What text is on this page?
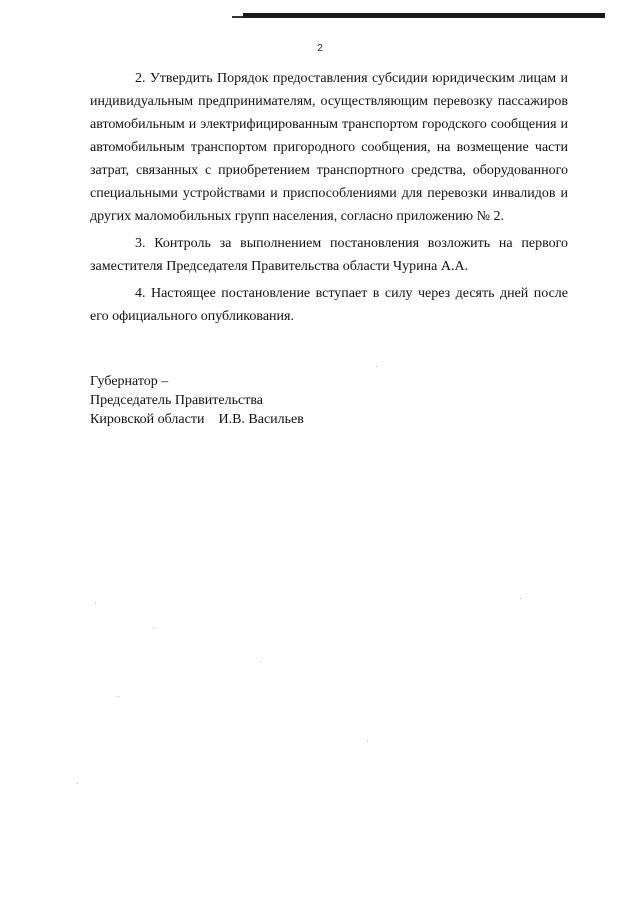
2

2. Утвердить Порядок предоставления субсидии юридическим лицам и индивидуальным предпринимателям, осуществляющим перевозку пассажиров автомобильным и электрифицированным транспортом городского сообщения и автомобильным транспортом пригородного сообщения, на возмещение части затрат, связанных с приобретением транспортного средства, оборудованного специальными устройствами и приспособлениями для перевозки инвалидов и других маломобильных групп населения, согласно приложению № 2.

3. Контроль за выполнением постановления возложить на первого заместителя Председателя Правительства области Чурина А.А.

4. Настоящее постановление вступает в силу через десять дней после его официального опубликования.

Губернатор –
Председатель Правительства
Кировской области И.В. Васильев
